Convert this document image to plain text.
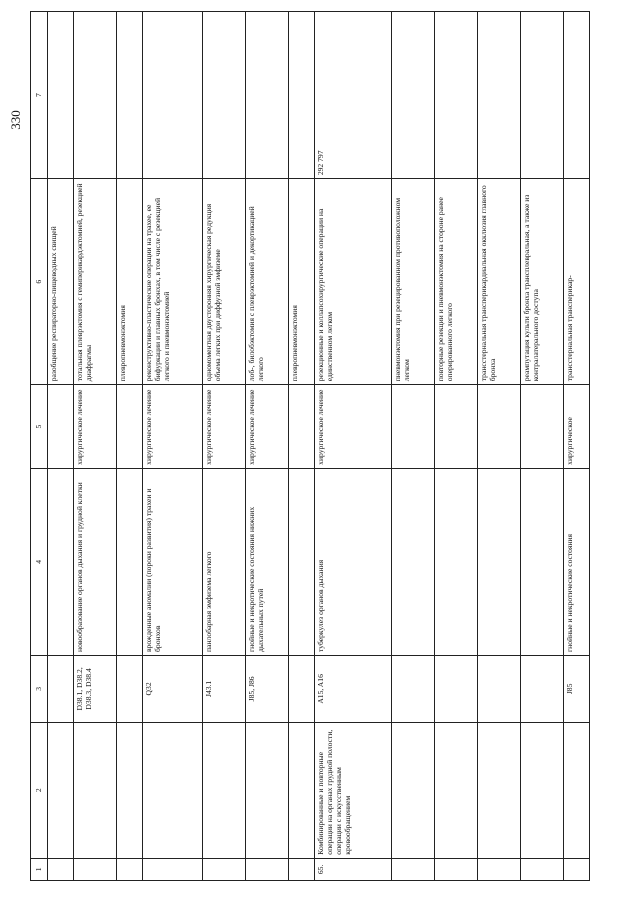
330
1	2	3	4	5	6	7
					разобщение респираторно-пищеводных свищей	
		D38.1, D38.2, D38.3, D38.4	новообразование органов дыхания и грудной клетки	хирургическое лечение	тотальная плеврэктомия с гемиперикардэктомией, резекцией диафрагмы	
					плевропневмонэктомия	
		Q32	врожденные аномалии (пороки развития) трахеи и бронхов	хирургическое лечение	реконструктивно-пластические операции на трахее, ее бифуркации и главных бронхах, в том числе с резекцией легкого и пневмонэктомией	
		J43.1	панлобарная эмфизема легкого	хирургическое лечение	одномоментная двусторонняя хирургическая редукция объема легких при диффузной эмфиземе	
		J85, J86	гнойные и некротические состояния нижних дыхательных путей	хирургическое лечение	лоб-, билобэктомия с плеврэктомией и декортикацией легкого	
					плевропневмонэктомия	
65.	Комбинированные и повторные операции на органах грудной полости, операции с искусственным кровообращением	A15, A16	туберкулез органов дыхания	хирургическое лечение	резекционные и коллапсохирургические операции на единственном легком	292 797
					пневмонэктомия при резецированном противоположном легком	
					повторные резекции и пневмонэктомия на стороне ранее оперированного легкого	
					трансстернальная трансперикардиальная окклюзия главного бронха	
					реампутация культи бронха трансплевральная, а также из контралатерального доступа	
		J85	гнойные и некротические состояния	хирургическое	трансстернальная трансперикар-	
